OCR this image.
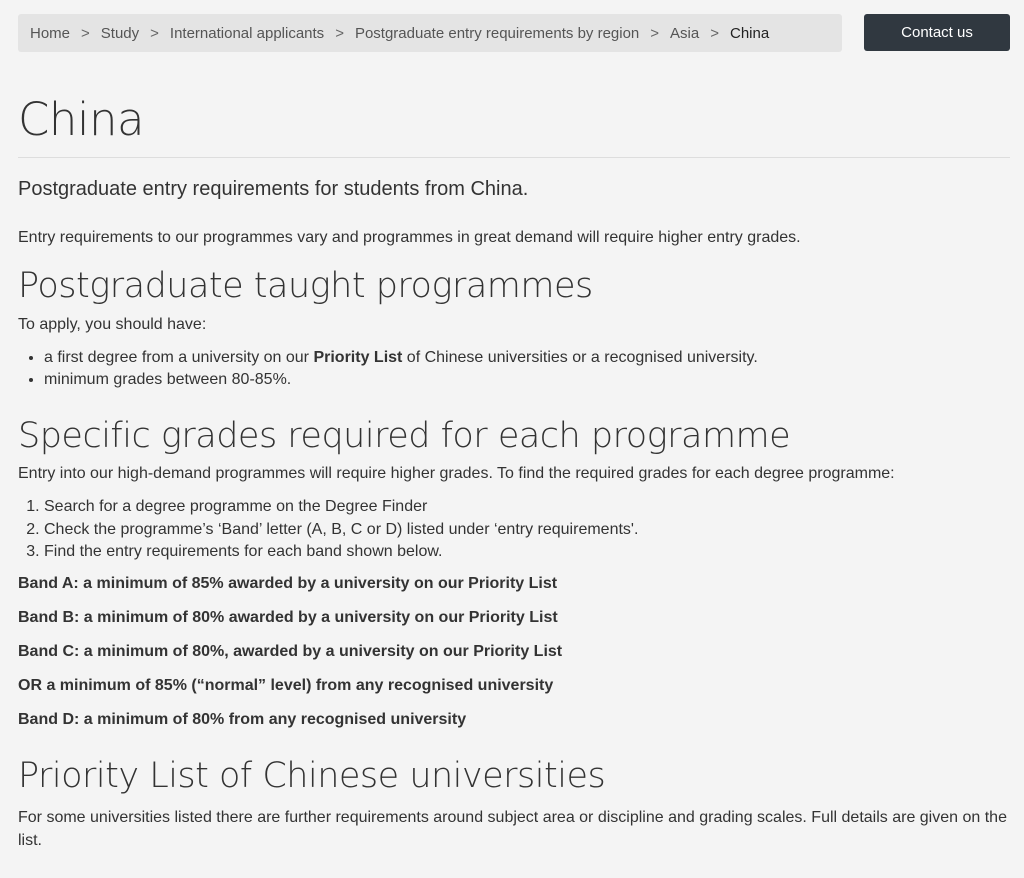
Home > Study > International applicants > Postgraduate entry requirements by region > Asia > China	Contact us
China
Postgraduate entry requirements for students from China.

Entry requirements to our programmes vary and programmes in great demand will require higher entry grades.

Postgraduate taught programmes

To apply, you should have:

• a first degree from a university on our Priority List of Chinese universities or a recognised university.
• minimum grades between 80-85%.
Specific grades required for each programme

Entry into our high-demand programmes will require higher grades. To find the required grades for each degree programme:

1. Search for a degree programme on the Degree Finder
2. Check the programme’s ‘Band’ letter (A, B, C or D) listed under ‘entry requirements'.
3. Find the entry requirements for each band shown below.

Band A: a minimum of 85% awarded by a university on our Priority List

Band B: a minimum of 80% awarded by a university on our Priority List

Band C: a minimum of 80%, awarded by a university on our Priority List

OR a minimum of 85% (“normal” level) from any recognised university

Band D: a minimum of 80% from any recognised university

Priority List of Chinese universities

For some universities listed there are further requirements around subject area or discipline and grading scales. Full details are given on the list.
